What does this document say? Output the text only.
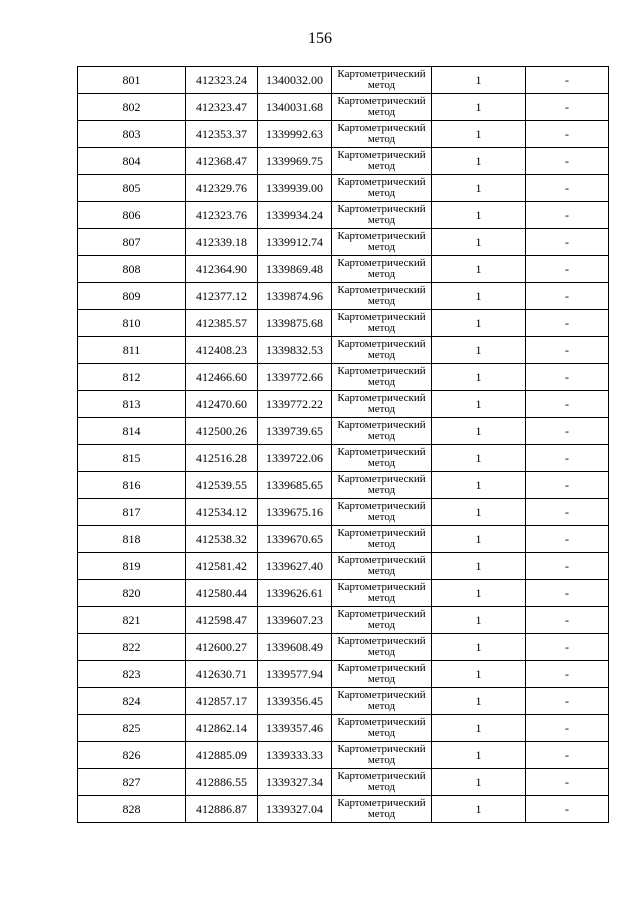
156
801	412323.24	1340032.00	Картометрический метод	1	-
802	412323.47	1340031.68	Картометрический метод	1	-
803	412353.37	1339992.63	Картометрический метод	1	-
804	412368.47	1339969.75	Картометрический метод	1	-
805	412329.76	1339939.00	Картометрический метод	1	-
806	412323.76	1339934.24	Картометрический метод	1	-
807	412339.18	1339912.74	Картометрический метод	1	-
808	412364.90	1339869.48	Картометрический метод	1	-
809	412377.12	1339874.96	Картометрический метод	1	-
810	412385.57	1339875.68	Картометрический метод	1	-
811	412408.23	1339832.53	Картометрический метод	1	-
812	412466.60	1339772.66	Картометрический метод	1	-
813	412470.60	1339772.22	Картометрический метод	1	-
814	412500.26	1339739.65	Картометрический метод	1	-
815	412516.28	1339722.06	Картометрический метод	1	-
816	412539.55	1339685.65	Картометрический метод	1	-
817	412534.12	1339675.16	Картометрический метод	1	-
818	412538.32	1339670.65	Картометрический метод	1	-
819	412581.42	1339627.40	Картометрический метод	1	-
820	412580.44	1339626.61	Картометрический метод	1	-
821	412598.47	1339607.23	Картометрический метод	1	-
822	412600.27	1339608.49	Картометрический метод	1	-
823	412630.71	1339577.94	Картометрический метод	1	-
824	412857.17	1339356.45	Картометрический метод	1	-
825	412862.14	1339357.46	Картометрический метод	1	-
826	412885.09	1339333.33	Картометрический метод	1	-
827	412886.55	1339327.34	Картометрический метод	1	-
828	412886.87	1339327.04	Картометрический метод	1	-
